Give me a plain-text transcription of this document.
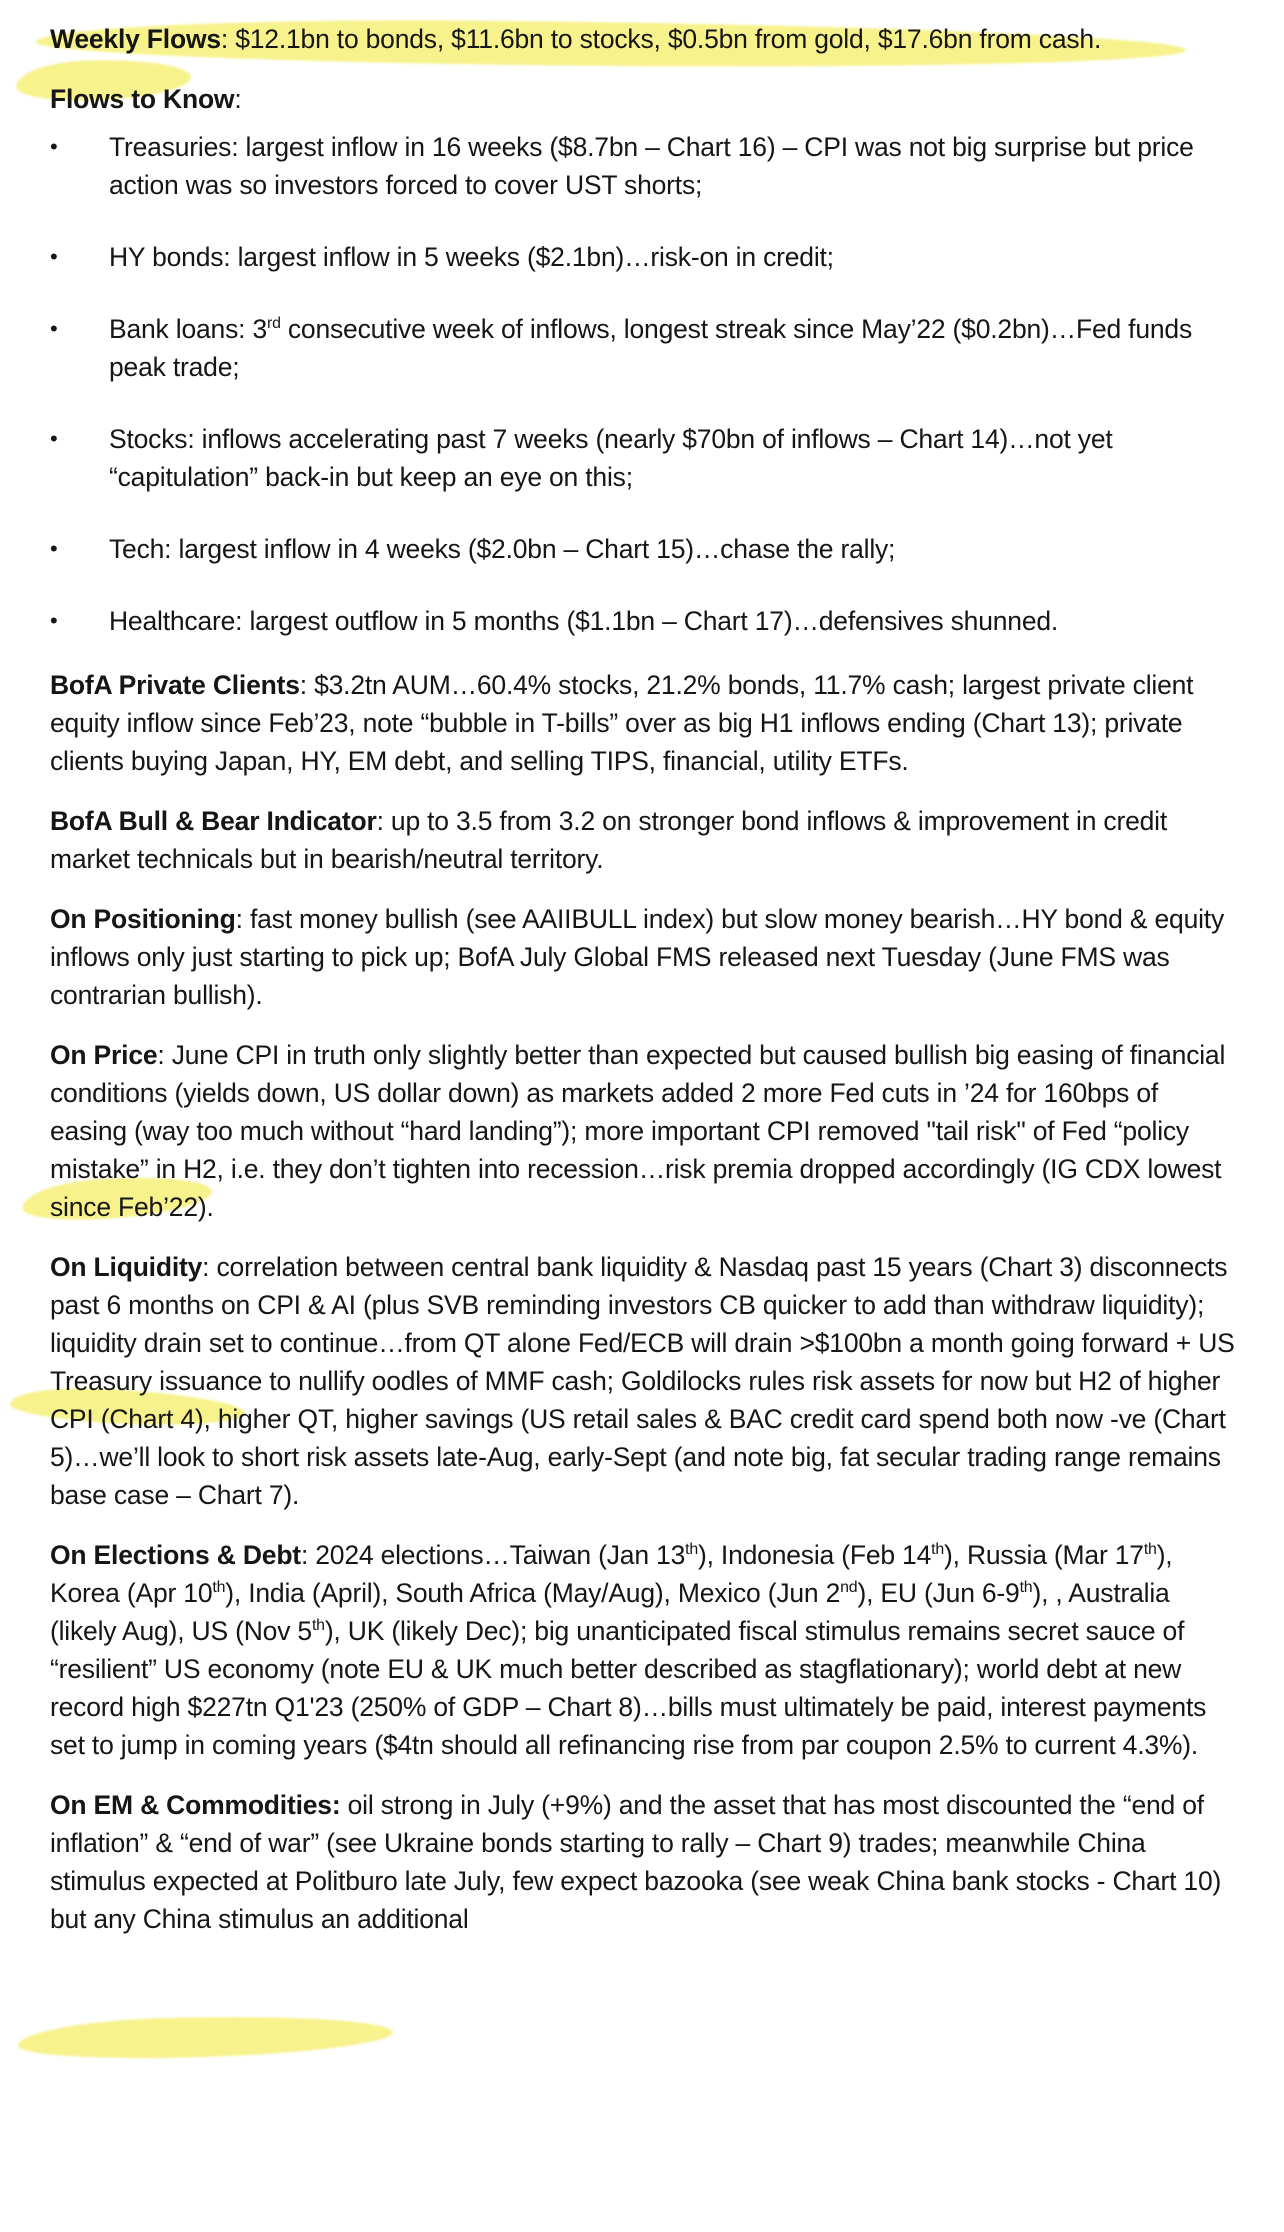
Weekly Flows: $12.1bn to bonds, $11.6bn to stocks, $0.5bn from gold, $17.6bn from cash.

Flows to Know:

• Treasuries: largest inflow in 16 weeks ($8.7bn – Chart 16) – CPI was not big surprise but price action was so investors forced to cover UST shorts;
• HY bonds: largest inflow in 5 weeks ($2.1bn)…risk-on in credit;
• Bank loans: 3rd consecutive week of inflows, longest streak since May’22 ($0.2bn)…Fed funds peak trade;
• Stocks: inflows accelerating past 7 weeks (nearly $70bn of inflows – Chart 14)…not yet “capitulation” back-in but keep an eye on this;
• Tech: largest inflow in 4 weeks ($2.0bn – Chart 15)…chase the rally;
• Healthcare: largest outflow in 5 months ($1.1bn – Chart 17)…defensives shunned.

BofA Private Clients: $3.2tn AUM…60.4% stocks, 21.2% bonds, 11.7% cash; largest private client equity inflow since Feb’23, note “bubble in T-bills” over as big H1 inflows ending (Chart 13); private clients buying Japan, HY, EM debt, and selling TIPS, financial, utility ETFs.

BofA Bull & Bear Indicator: up to 3.5 from 3.2 on stronger bond inflows & improvement in credit market technicals but in bearish/neutral territory.

On Positioning: fast money bullish (see AAIIBULL index) but slow money bearish…HY bond & equity inflows only just starting to pick up; BofA July Global FMS released next Tuesday (June FMS was contrarian bullish).

On Price: June CPI in truth only slightly better than expected but caused bullish big easing of financial conditions (yields down, US dollar down) as markets added 2 more Fed cuts in ’24 for 160bps of easing (way too much without “hard landing”); more important CPI removed "tail risk" of Fed “policy mistake” in H2, i.e. they don’t tighten into recession…risk premia dropped accordingly (IG CDX lowest since Feb’22).

On Liquidity: correlation between central bank liquidity & Nasdaq past 15 years (Chart 3) disconnects past 6 months on CPI & AI (plus SVB reminding investors CB quicker to add than withdraw liquidity); liquidity drain set to continue…from QT alone Fed/ECB will drain >$100bn a month going forward + US Treasury issuance to nullify oodles of MMF cash; Goldilocks rules risk assets for now but H2 of higher CPI (Chart 4), higher QT, higher savings (US retail sales & BAC credit card spend both now -ve (Chart 5)…we’ll look to short risk assets late-Aug, early-Sept (and note big, fat secular trading range remains base case – Chart 7).

On Elections & Debt: 2024 elections…Taiwan (Jan 13th), Indonesia (Feb 14th), Russia (Mar 17th), Korea (Apr 10th), India (April), South Africa (May/Aug), Mexico (Jun 2nd), EU (Jun 6-9th), , Australia (likely Aug), US (Nov 5th), UK (likely Dec); big unanticipated fiscal stimulus remains secret sauce of “resilient” US economy (note EU & UK much better described as stagflationary); world debt at new record high $227tn Q1'23 (250% of GDP – Chart 8)…bills must ultimately be paid, interest payments set to jump in coming years ($4tn should all refinancing rise from par coupon 2.5% to current 4.3%).

On EM & Commodities: oil strong in July (+9%) and the asset that has most discounted the “end of inflation” & “end of war” (see Ukraine bonds starting to rally – Chart 9) trades; meanwhile China stimulus expected at Politburo late July, few expect bazooka (see weak China bank stocks - Chart 10) but any China stimulus an additional
